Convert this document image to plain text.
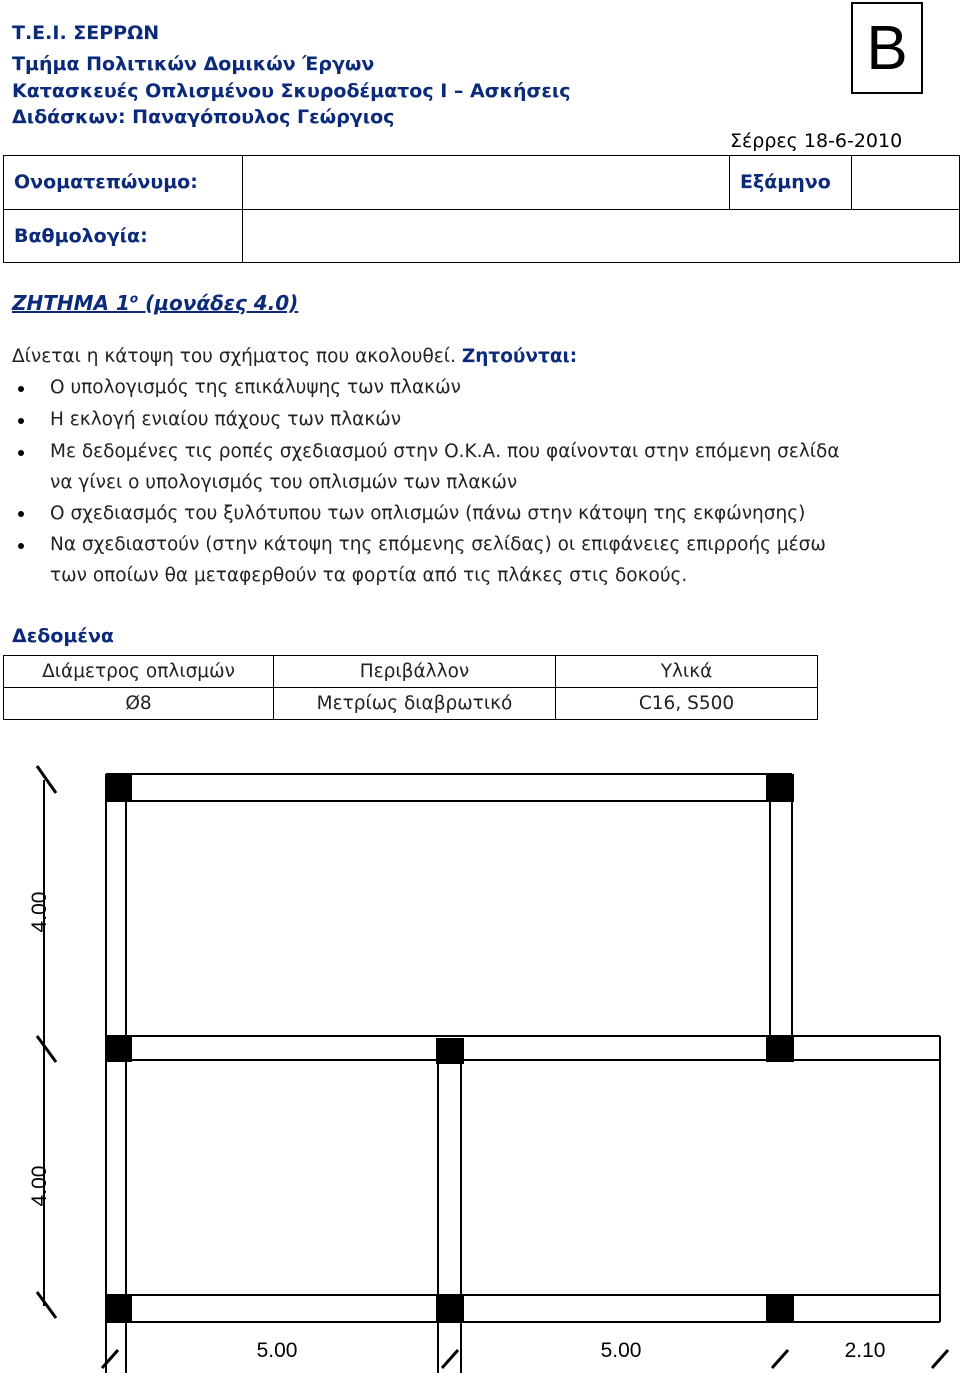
Τ.Ε.Ι. ΣΕΡΡΩΝ
Τμήμα Πολιτικών Δομικών Έργων
Κατασκευές Οπλισμένου Σκυροδέματος Ι – Ασκήσεις
Διδάσκων: Παναγόπουλος Γεώργιος
B
Σέρρες 18-6-2010
Ονοματεπώνυμο:		Εξάμηνο	
Βαθμολογία:			
ΖΗΤΗΜΑ $1^o$ (μονάδες 4.0)
Δίνεται η κάτοψη του σχήματος που ακολουθεί. Ζητούνται:
Ο υπολογισμός της επικάλυψης των πλακών
Η εκλογή ενιαίου πάχους των πλακών
Με δεδομένες τις ροπές σχεδιασμού στην Ο.Κ.Α. που φαίνονται στην επόμενη σελίδα
να γίνει ο υπολογισμός του οπλισμών των πλακών
Ο σχεδιασμός του ξυλότυπου των οπλισμών (πάνω στην κάτοψη της εκφώνησης)
Να σχεδιαστούν (στην κάτοψη της επόμενης σελίδας) οι επιφάνειες επιρροής μέσω
των οποίων θα μεταφερθούν τα φορτία από τις πλάκες στις δοκούς.
Δεδομένα
Διάμετρος οπλισμών	Περιβάλλον	Υλικά
Ø8	Μετρίως διαβρωτικό	C16, S500
4.00
4.00
5.00	5.00	2.10
